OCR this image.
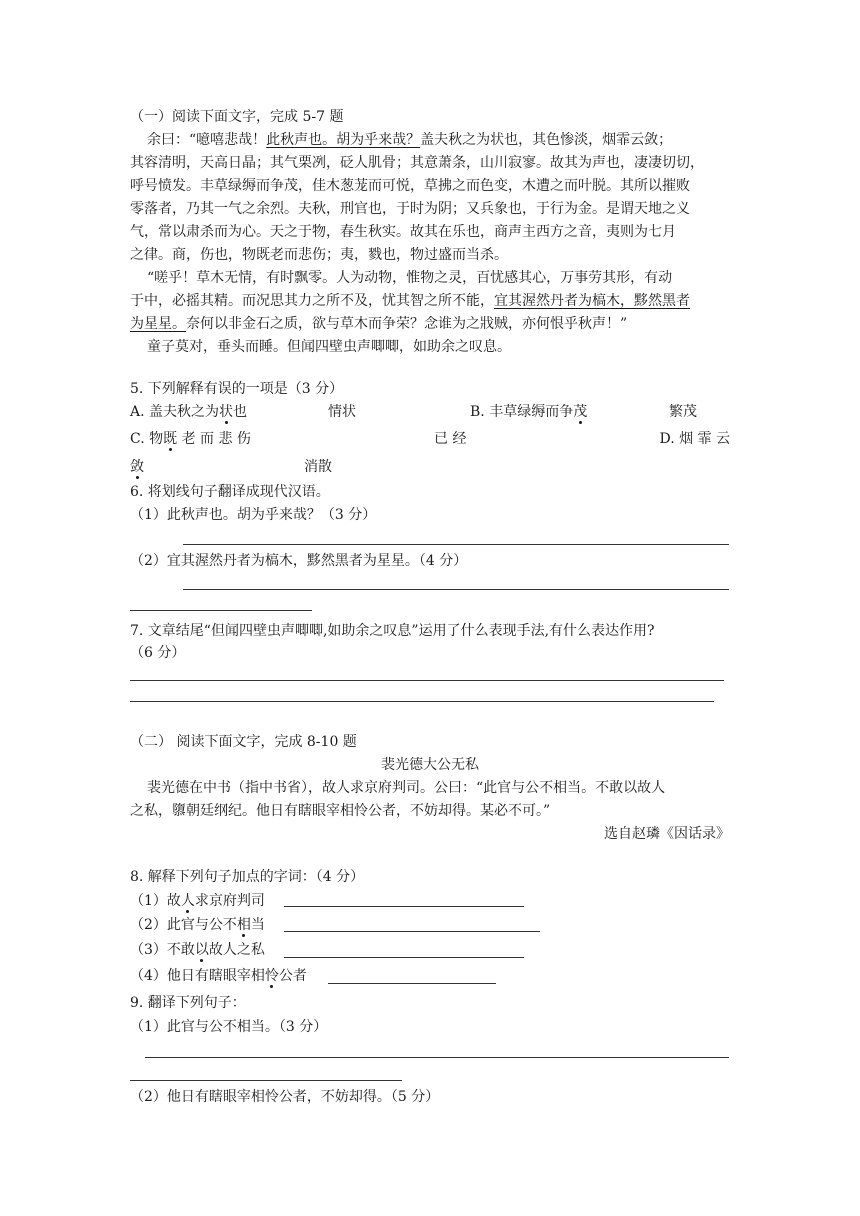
（一）阅读下面文字，完成 5-7 题
余曰：“噫嘻悲哉！此秋声也。胡为乎来哉？盖夫秋之为状也，其色惨淡，烟霏云敛；
其容清明，天高日晶；其气栗冽，砭人肌骨；其意萧条，山川寂寥。故其为声也，凄凄切切，
呼号愤发。丰草绿缛而争茂，佳木葱茏而可悦，草拂之而色变，木遭之而叶脱。其所以摧败
零落者，乃其一气之余烈。夫秋，刑官也，于时为阴；又兵象也，于行为金。是谓天地之义
气，常以肃杀而为心。天之于物，春生秋实。故其在乐也，商声主西方之音，夷则为七月
之律。商，伤也，物既老而悲伤；夷，戮也，物过盛而当杀。
“嗟乎！草木无情，有时飘零。人为动物，惟物之灵，百忧感其心，万事劳其形，有动
于中，必摇其精。而况思其力之所不及，忧其智之所不能，宜其渥然丹者为槁木，黟然黑者
为星星。奈何以非金石之质，欲与草木而争荣？念谁为之戕贼，亦何恨乎秋声！”
童子莫对，垂头而睡。但闻四壁虫声唧唧，如助余之叹息。
5. 下列解释有误的一项是（3 分）
A. 盖夫秋之为状也	情状	B. 丰草绿缛而争茂	繁茂
C. 物既 老 而 悲 伤	已 经	D. 烟 霏 云
敛	消散
6. 将划线句子翻译成现代汉语。
（1）此秋声也。胡为乎来哉？（3 分）
（2）宜其渥然丹者为槁木，黟然黑者为星星。（4 分）
7. 文章结尾“但闻四壁虫声唧唧,如助余之叹息”运用了什么表现手法,有什么表达作用?
（6 分）
（二） 阅读下面文字，完成 8-10 题
裴光德大公无私
裴光德在中书（指中书省），故人求京府判司。公曰：“此官与公不相当。不敢以故人
之私，隳朝廷纲纪。他日有瞎眼宰相怜公者，不妨却得。某必不可。”
选自赵璘《因话录》
8. 解释下列句子加点的字词：（4 分）
（1）故人求京府判司
（2）此官与公不相当
（3）不敢以故人之私
（4）他日有瞎眼宰相怜公者
9. 翻译下列句子：
（1）此官与公不相当。（3 分）
（2）他日有瞎眼宰相怜公者，不妨却得。（5 分）
